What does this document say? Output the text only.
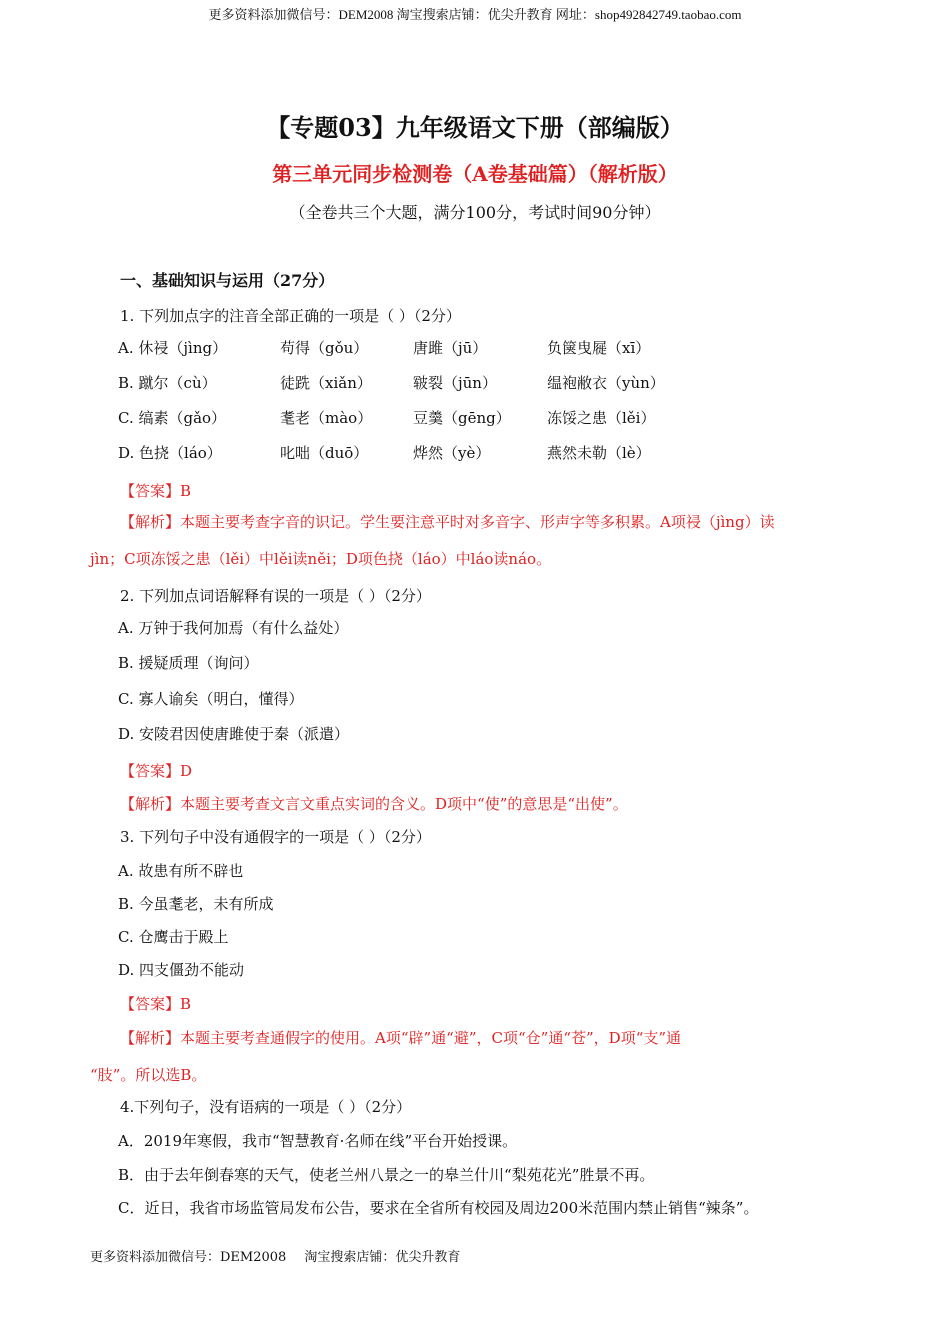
更多资料添加微信号：DEM2008 淘宝搜索店铺：优尖升教育 网址：shop492842749.taobao.com
【专题03】九年级语文下册（部编版）
第三单元同步检测卷（A卷基础篇）（解析版）
（全卷共三个大题，满分100分，考试时间90分钟）
一、基础知识与运用（27分）
1. 下列加点字的注音全部正确的一项是（ ）（2分）
A. 休祲（jìng）	苟得（gǒu）	唐雎（jū）	负箧曳屣（xī）
B. 蹴尔（cù）	徒跣（xiǎn）	皲裂（jūn）	缊袍敝衣（yùn）
C. 缟素（gǎo）	耄老（mào）	豆羹（gēng） 冻馁之患（lěi）
D. 色挠（láo）	叱咄（duō）	烨然（yè）	燕然未勒（lè）
【答案】B
【解析】本题主要考查字音的识记。学生要注意平时对多音字、形声字等多积累。A项祲（jìng）读
jìn；C项冻馁之患（lěi）中lěi读něi；D项色挠（láo）中láo读náo。
2. 下列加点词语解释有误的一项是（ ）（2分）
A. 万钟于我何加焉（有什么益处）
B. 援疑质理（询问）
C. 寡人谕矣（明白，懂得）
D. 安陵君因使唐雎使于秦（派遣）
【答案】D
【解析】本题主要考查文言文重点实词的含义。D项中“使”的意思是“出使”。
3. 下列句子中没有通假字的一项是（ ）（2分）
A. 故患有所不辟也
B. 今虽耄老，未有所成
C. 仓鹰击于殿上
D. 四支僵劲不能动
【答案】B
【解析】本题主要考查通假字的使用。A项“辟”通“避”，C项“仓”通“苍”，D项“支”通
“肢”。所以选B。
4.下列句子，没有语病的一项是（ ）（2分）
A．2019年寒假，我市“智慧教育·名师在线”平台开始授课。
B．由于去年倒春寒的天气，使老兰州八景之一的皋兰什川“梨苑花光”胜景不再。
C．近日，我省市场监管局发布公告，要求在全省所有校园及周边200米范围内禁止销售“辣条”。
更多资料添加微信号：DEM2008 淘宝搜索店铺：优尖升教育
